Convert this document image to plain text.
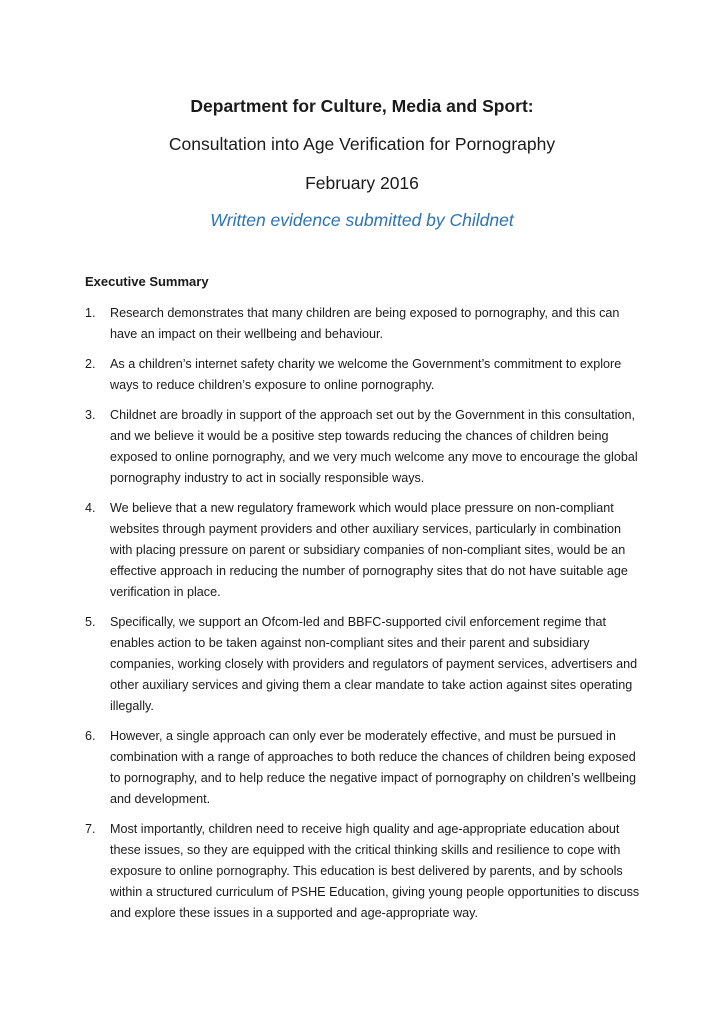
Department for Culture, Media and Sport:
Consultation into Age Verification for Pornography
February 2016
Written evidence submitted by Childnet
Executive Summary
1. Research demonstrates that many children are being exposed to pornography, and this can have an impact on their wellbeing and behaviour.
2. As a children’s internet safety charity we welcome the Government’s commitment to explore ways to reduce children’s exposure to online pornography.
3. Childnet are broadly in support of the approach set out by the Government in this consultation, and we believe it would be a positive step towards reducing the chances of children being exposed to online pornography, and we very much welcome any move to encourage the global pornography industry to act in socially responsible ways.
4. We believe that a new regulatory framework which would place pressure on non-compliant websites through payment providers and other auxiliary services, particularly in combination with placing pressure on parent or subsidiary companies of non-compliant sites, would be an effective approach in reducing the number of pornography sites that do not have suitable age verification in place.
5. Specifically, we support an Ofcom-led and BBFC-supported civil enforcement regime that enables action to be taken against non-compliant sites and their parent and subsidiary companies, working closely with providers and regulators of payment services, advertisers and other auxiliary services and giving them a clear mandate to take action against sites operating illegally.
6. However, a single approach can only ever be moderately effective, and must be pursued in combination with a range of approaches to both reduce the chances of children being exposed to pornography, and to help reduce the negative impact of pornography on children’s wellbeing and development.
7. Most importantly, children need to receive high quality and age-appropriate education about these issues, so they are equipped with the critical thinking skills and resilience to cope with exposure to online pornography. This education is best delivered by parents, and by schools within a structured curriculum of PSHE Education, giving young people opportunities to discuss and explore these issues in a supported and age-appropriate way.
